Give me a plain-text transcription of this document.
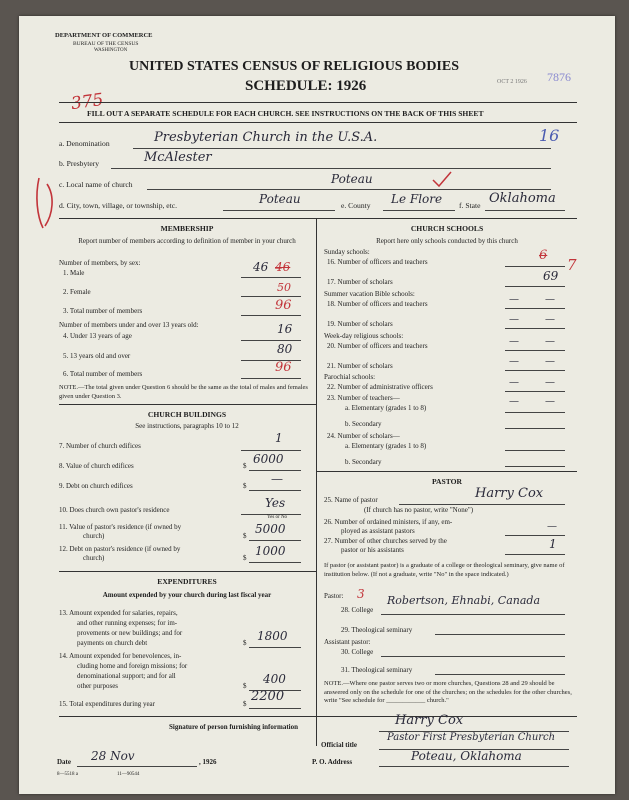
DEPARTMENT OF COMMERCE
BUREAU OF THE CENSUS
WASHINGTON
UNITED STATES CENSUS OF RELIGIOUS BODIES
SCHEDULE: 1926
375
OCT 2 1926 7876
FILL OUT A SEPARATE SCHEDULE FOR EACH CHURCH. SEE INSTRUCTIONS ON THE BACK OF THIS SHEET
a. Denomination	Presbyterian Church in the U.S.A.	16
b. Presbytery	McAlester
c. Local name of church	Poteau
d. City, town, village, or township, etc.	Poteau	e. County Le Flore f. State Oklahoma
MEMBERSHIP
Report number of members according to definition of member in your church
Number of members, by sex:
1. Male	46 46
2. Female	50
3. Total number of members	96
Number of members under and over 13 years old:
4. Under 13 years of age	16
5. 13 years old and over	80
6. Total number of members	96
NOTE.—The total given under Question 6 should be the same as the total of males and females given under Question 3.
CHURCH BUILDINGS
See instructions, paragraphs 10 to 12
7. Number of church edifices
1
8. Value of church edifices	$ 6000
9. Debt on church edifices	$ —
10. Does church own pastor's residence	Yes
Yes or No
11. Value of pastor's residence (if owned by
church)	$ 5000
12. Debt on pastor's residence (if owned by
church)	$ 1000
EXPENDITURES
Amount expended by your church during last fiscal year
13. Amount expended for salaries, repairs,
and other running expenses; for im-
provements or new buildings; and for
payments on church debt	$ 1800
14. Amount expended for benevolences, in-
cluding home and foreign missions; for
denominational support; and for all
other purposes	$ 400
15. Total expenditures during year	$ 2200
CHURCH SCHOOLS
Report here only schools conducted by this church
Sunday schools:
16. Number of officers and teachers	6
7
17. Number of scholars	69
Summer vacation Bible schools:
18. Number of officers and teachers	—	—
19. Number of scholars	—	—
Week-day religious schools:
20. Number of officers and teachers	—	—
21. Number of scholars	—	—
Parochial schools:
22. Number of administrative officers	—	—
23. Number of teachers—
a. Elementary (grades 1 to 8)
—	—
b. Secondary
24. Number of scholars—
a. Elementary (grades 1 to 8)
b. Secondary
PASTOR
25. Name of pastor	Harry Cox
(If church has no pastor, write "None")
26. Number of ordained ministers, if any, em-
ployed as assistant pastors	—
27. Number of other churches served by the
pastor or his assistants	1
If pastor (or assistant pastor) is a graduate of a college or theological seminary, give name of institution below. (If not a graduate, write "No" in the space indicated.)
Pastor: 3
28. College
Robertson, Ehnabi, Canada
29. Theological seminary
Assistant pastor:
30. College
31. Theological seminary
NOTE.—Where one pastor serves two or more churches, Questions 28 and 29 should be answered only on the schedule for one of the churches; on the schedules for the other churches, write "See schedule for ____________ church."
Signature of person furnishing information	Harry Cox
Official title
Pastor First Presbyterian Church
Date 28 Nov	, 1926	P. O. Address	Poteau, Oklahoma
8—5518 a	11—90544
